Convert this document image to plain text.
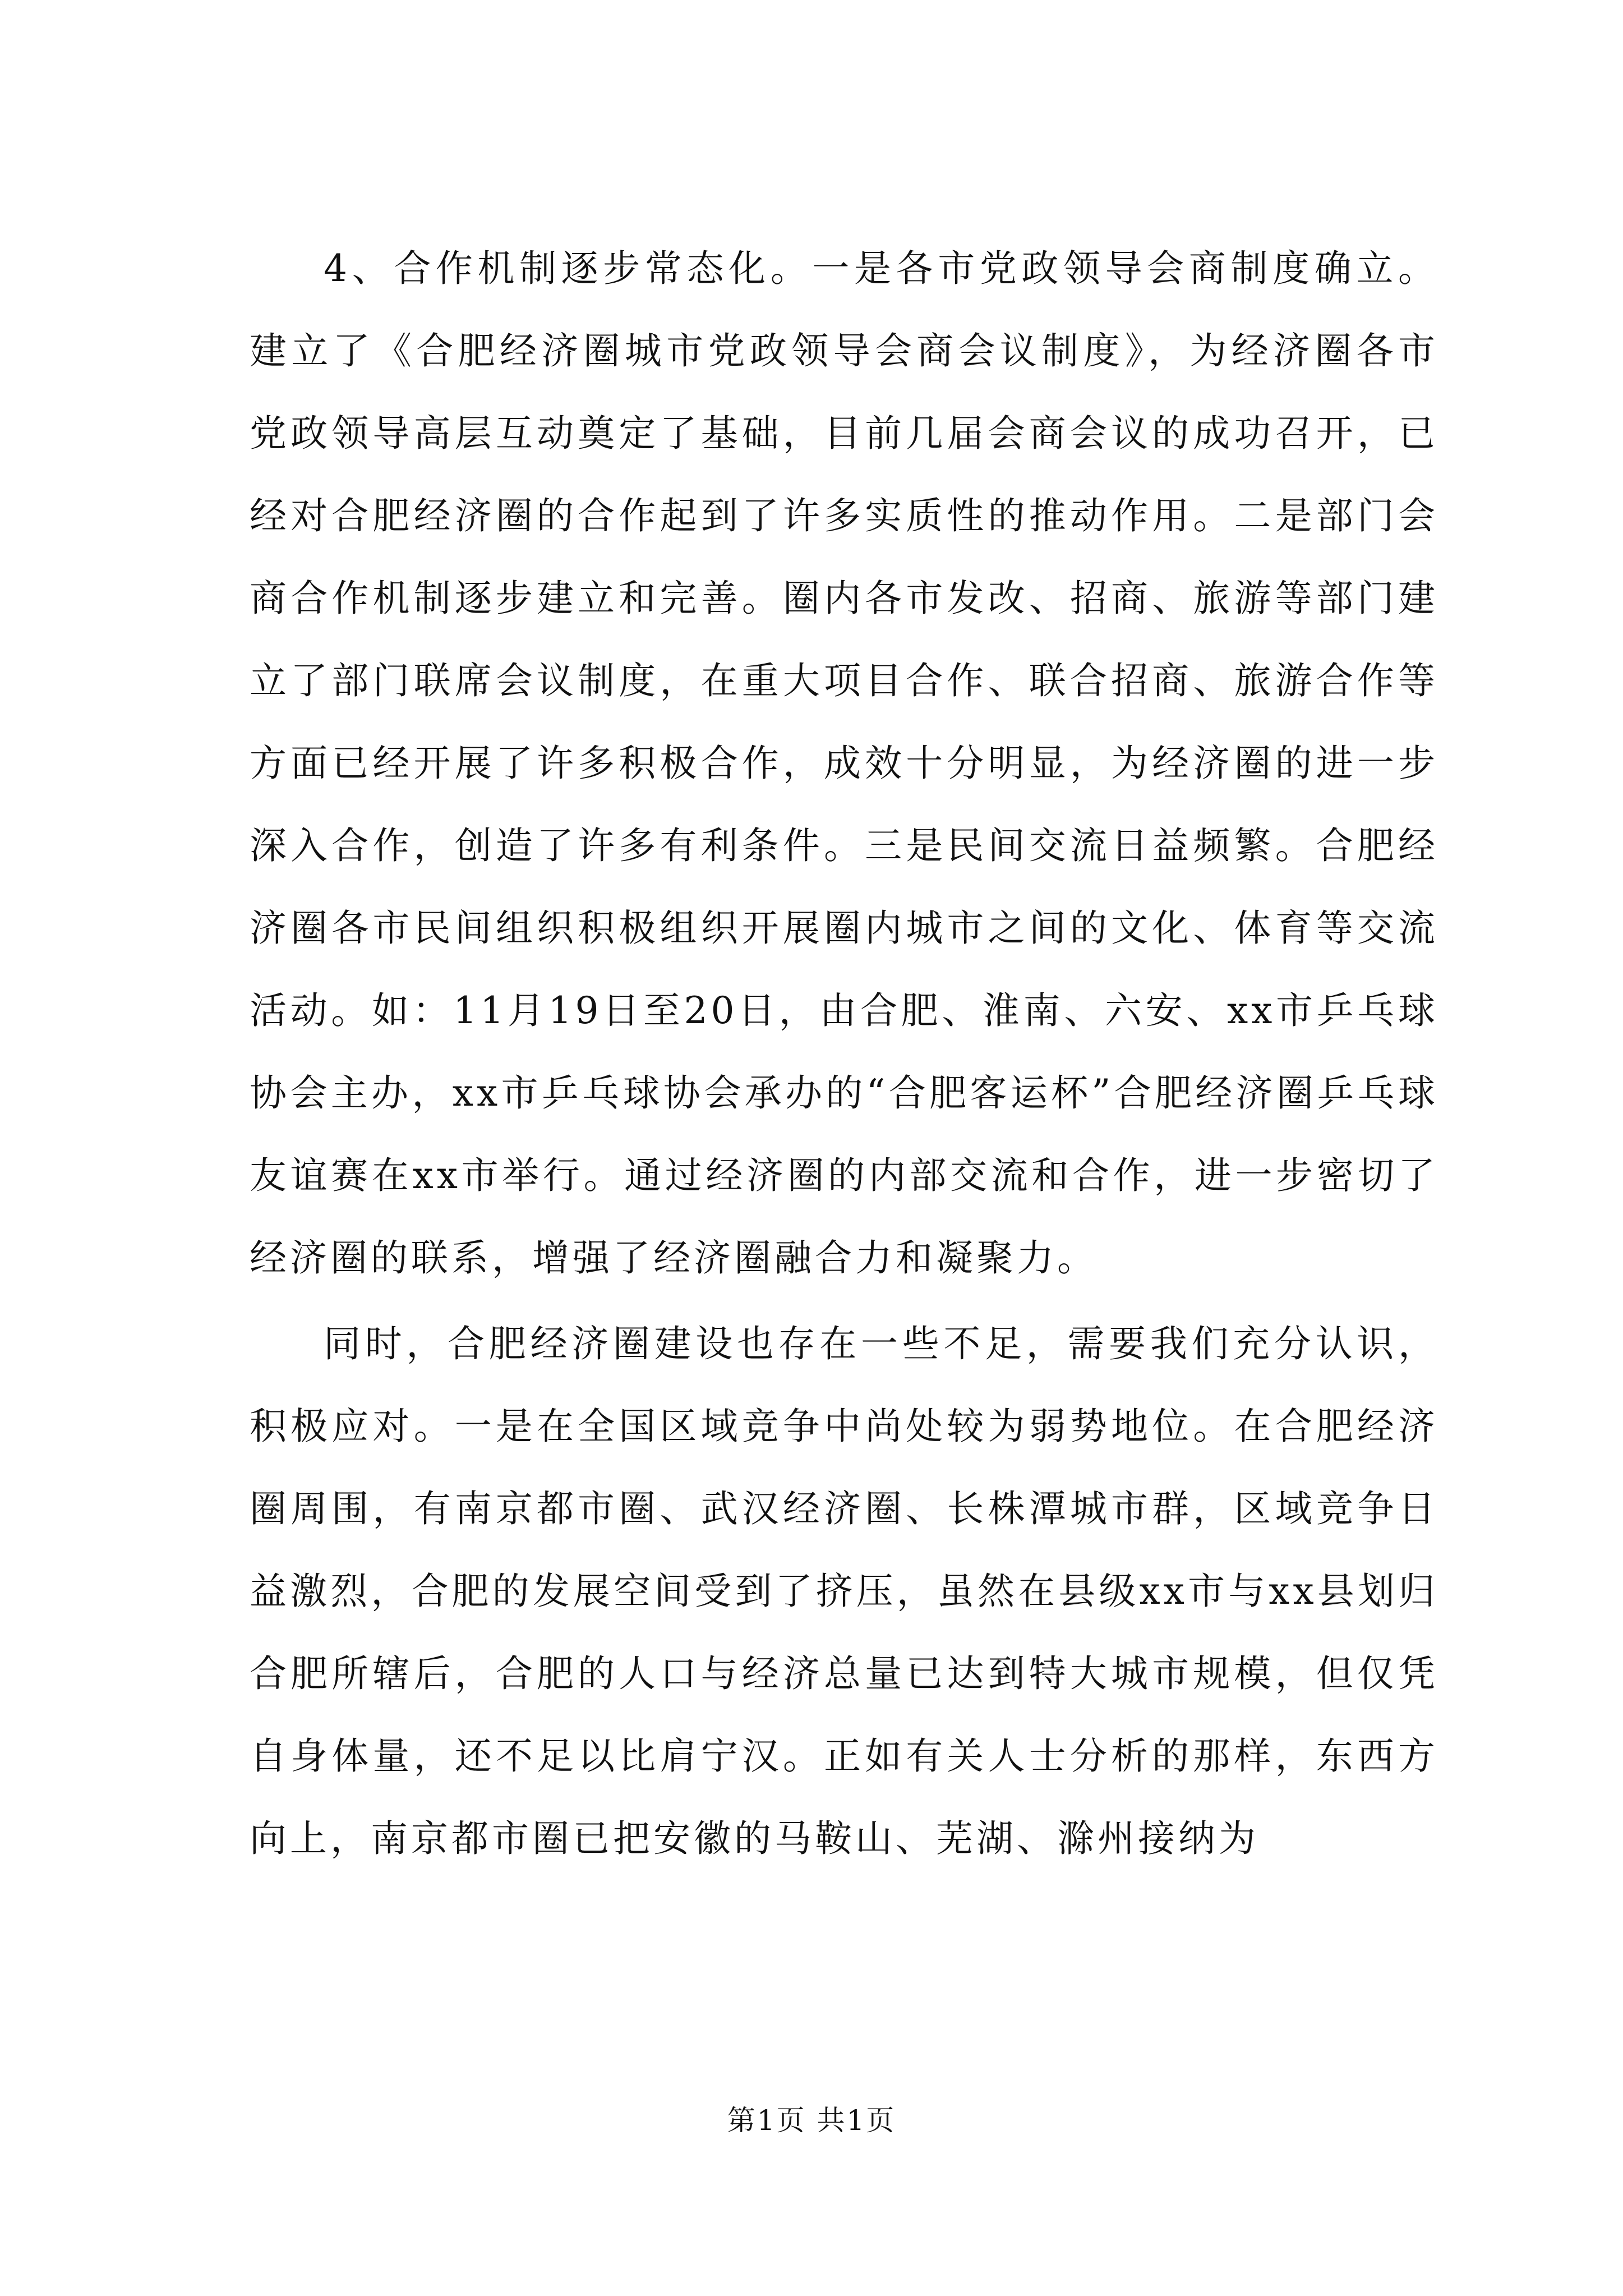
4、合作机制逐步常态化。一是各市党政领导会商制度确立。建立了《合肥经济圈城市党政领导会商会议制度》，为经济圈各市党政领导高层互动奠定了基础，目前几届会商会议的成功召开，已经对合肥经济圈的合作起到了许多实质性的推动作用。二是部门会商合作机制逐步建立和完善。圈内各市发改、招商、旅游等部门建立了部门联席会议制度，在重大项目合作、联合招商、旅游合作等方面已经开展了许多积极合作，成效十分明显，为经济圈的进一步深入合作，创造了许多有利条件。三是民间交流日益频繁。合肥经济圈各市民间组织积极组织开展圈内城市之间的文化、体育等交流活动。如：11月19日至20日，由合肥、淮南、六安、xx市乒乓球协会主办，xx市乒乓球协会承办的“合肥客运杯”合肥经济圈乒乓球友谊赛在xx市举行。通过经济圈的内部交流和合作，进一步密切了经济圈的联系，增强了经济圈融合力和凝聚力。

同时，合肥经济圈建设也存在一些不足，需要我们充分认识，积极应对。一是在全国区域竞争中尚处较为弱势地位。在合肥经济圈周围，有南京都市圈、武汉经济圈、长株潭城市群，区域竞争日益激烈，合肥的发展空间受到了挤压，虽然在县级xx市与xx县划归合肥所辖后，合肥的人口与经济总量已达到特大城市规模，但仅凭自身体量，还不足以比肩宁汉。正如有关人士分析的那样，东西方向上，南京都市圈已把安徽的马鞍山、芜湖、滁州接纳为

第1页 共1页
